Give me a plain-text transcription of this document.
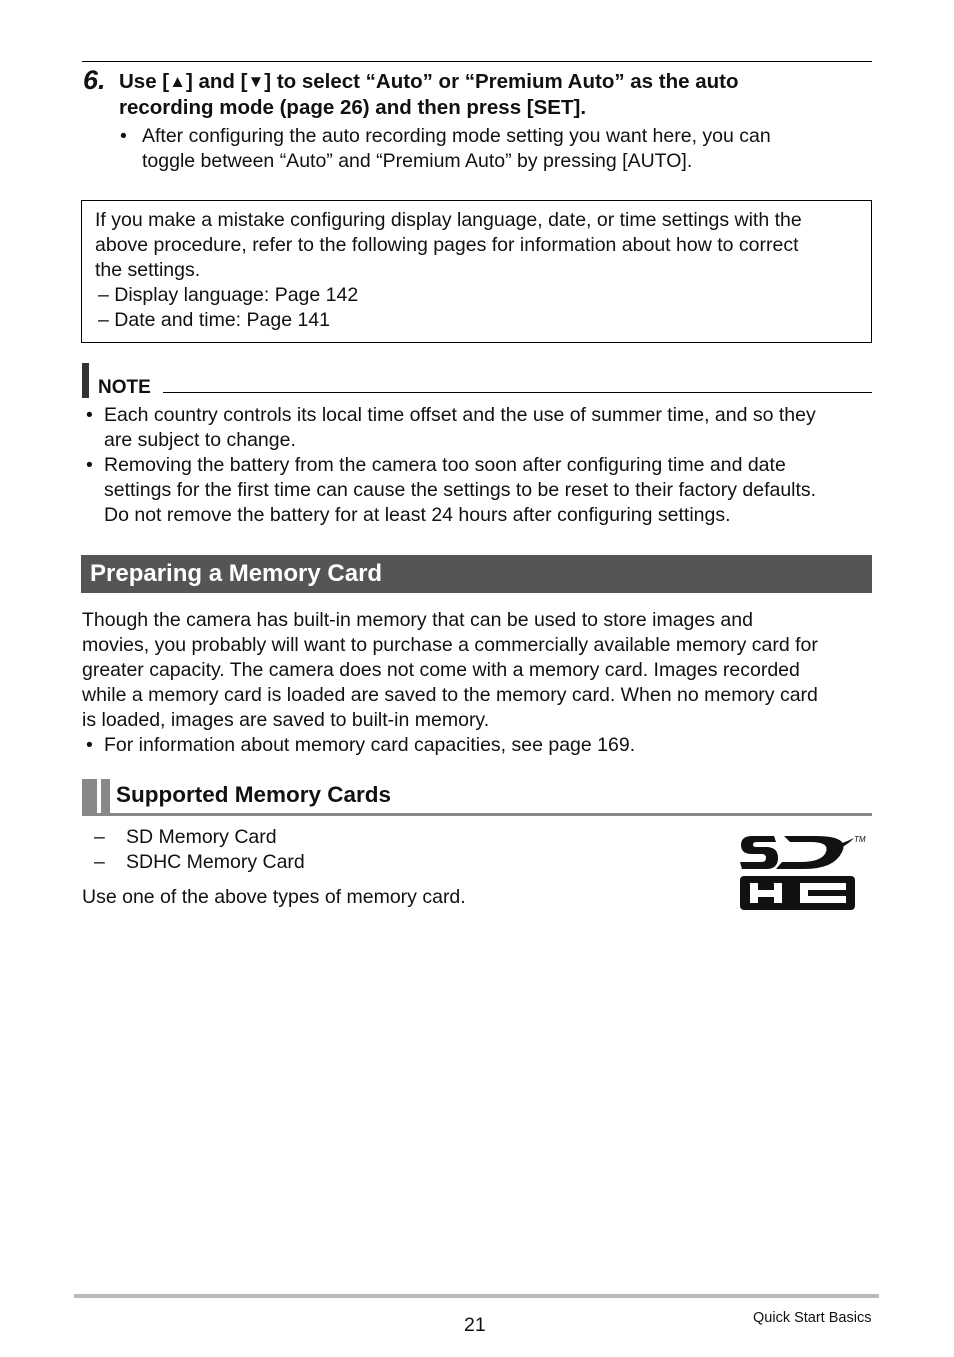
6. Use [▲] and [▼] to select “Auto” or “Premium Auto” as the auto
recording mode (page 26) and then press [SET].
• After configuring the auto recording mode setting you want here, you can
toggle between “Auto” and “Premium Auto” by pressing [AUTO].
If you make a mistake configuring display language, date, or time settings with the
above procedure, refer to the following pages for information about how to correct
the settings.
– Display language: Page 142
– Date and time: Page 141
NOTE
• Each country controls its local time offset and the use of summer time, and so they
are subject to change.
• Removing the battery from the camera too soon after configuring time and date
settings for the first time can cause the settings to be reset to their factory defaults.
Do not remove the battery for at least 24 hours after configuring settings.
Preparing a Memory Card
Though the camera has built-in memory that can be used to store images and
movies, you probably will want to purchase a commercially available memory card for
greater capacity. The camera does not come with a memory card. Images recorded
while a memory card is loaded are saved to the memory card. When no memory card
is loaded, images are saved to built-in memory.
• For information about memory card capacities, see page 169.
Supported Memory Cards
– SD Memory Card
– SDHC Memory Card
Use one of the above types of memory card.
TM
21	Quick Start Basics
